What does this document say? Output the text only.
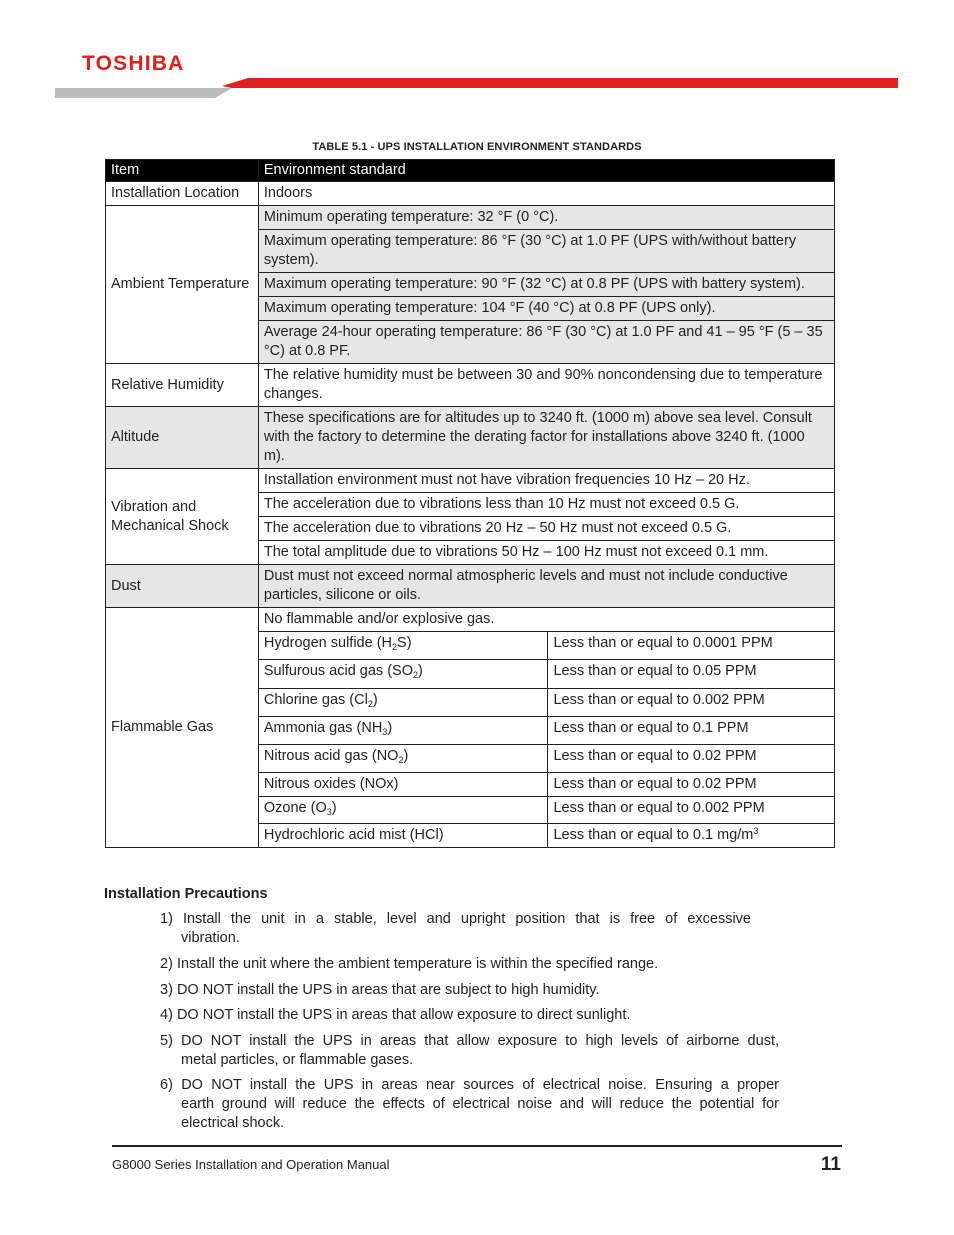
TOSHIBA
TABLE 5.1 - UPS INSTALLATION ENVIRONMENT STANDARDS
Item	Environment standard	
Installation Location	Indoors	
Ambient Temperature	Minimum operating temperature: 32 °F (0 °C).	
	Maximum operating temperature: 86 °F (30 °C) at 1.0 PF (UPS with/without battery system).	
	Maximum operating temperature: 90 °F (32 °C) at 0.8 PF (UPS with battery system).	
	Maximum operating temperature: 104 °F (40 °C) at 0.8 PF (UPS only).	
	Average 24-hour operating temperature: 86 °F (30 °C) at 1.0 PF and 41 – 95 °F (5 – 35 °C) at 0.8 PF.	
Relative Humidity	The relative humidity must be between 30 and 90% noncondensing due to temperature changes.	
Altitude	These specifications are for altitudes up to 3240 ft. (1000 m) above sea level. Consult with the factory to determine the derating factor for installations above 3240 ft. (1000 m).	
Vibration and Mechanical Shock	Installation environment must not have vibration frequencies 10 Hz – 20 Hz.	
	The acceleration due to vibrations less than 10 Hz must not exceed 0.5 G.	
	The acceleration due to vibrations 20 Hz – 50 Hz must not exceed 0.5 G.	
	The total amplitude due to vibrations 50 Hz – 100 Hz must not exceed 0.1 mm.	
Dust	Dust must not exceed normal atmospheric levels and must not include conductive particles, silicone or oils.	
Flammable Gas	No flammable and/or explosive gas.	
	Hydrogen sulfide $(H_2S)$	Less than or equal to 0.0001 PPM
	Sulfurous acid gas $(SO_2)$	Less than or equal to 0.05 PPM
	Chlorine gas $(Cl_2)$	Less than or equal to 0.002 PPM
	Ammonia gas $(NH_3)$	Less than or equal to 0.1 PPM
	Nitrous acid gas $(NO_2)$	Less than or equal to 0.02 PPM
	Nitrous oxides (NOx)	Less than or equal to 0.02 PPM
	Ozone $(O_3)$	Less than or equal to 0.002 PPM
	Hydrochloric acid mist (HCl)	Less than or equal to 0.1 $mg/m^3$
Installation Precautions
1) Install the unit in a stable, level and upright position that is free of excessive
vibration.
2) Install the unit where the ambient temperature is within the specified range.
3) DO NOT install the UPS in areas that are subject to high humidity.
4) DO NOT install the UPS in areas that allow exposure to direct sunlight.
5) DO NOT install the UPS in areas that allow exposure to high levels of airborne dust,
metal particles, or flammable gases.
6) DO NOT install the UPS in areas near sources of electrical noise. Ensuring a proper
earth ground will reduce the effects of electrical noise and will reduce the potential for
electrical shock.
G8000 Series Installation and Operation Manual	11
